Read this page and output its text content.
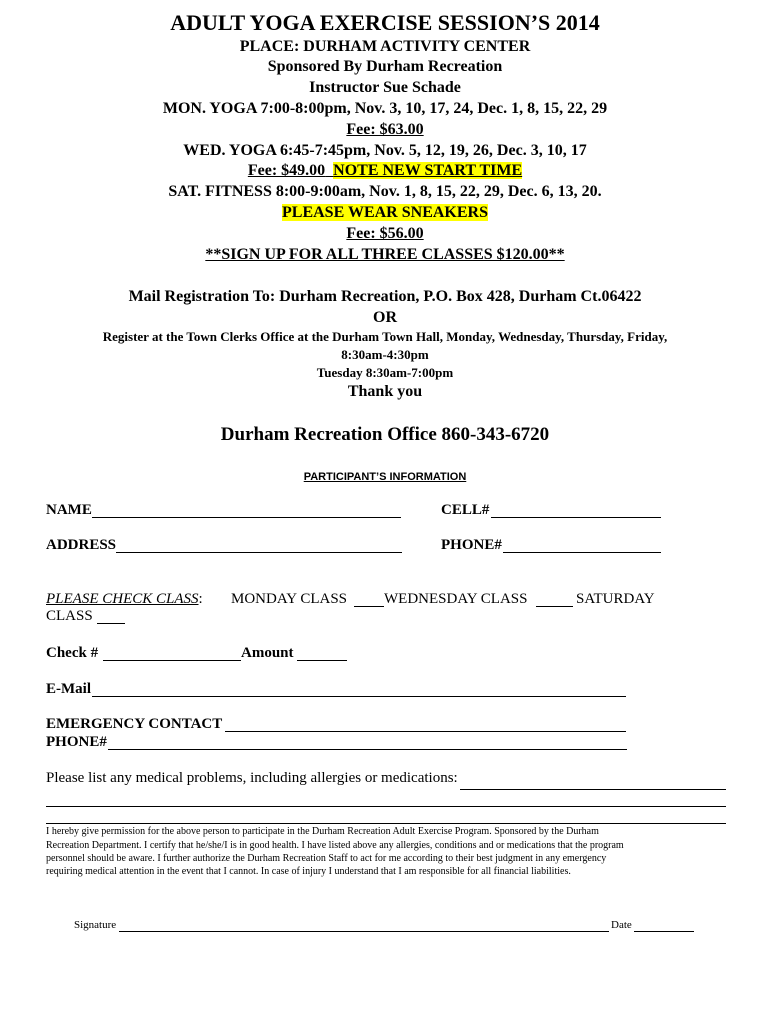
ADULT YOGA EXERCISE SESSION’S 2014
PLACE: DURHAM ACTIVITY CENTER
Sponsored By Durham Recreation
Instructor Sue Schade
MON. YOGA 7:00-8:00pm, Nov. 3, 10, 17, 24, Dec. 1, 8, 15, 22, 29
Fee: $63.00
WED. YOGA 6:45-7:45pm, Nov. 5, 12, 19, 26, Dec. 3, 10, 17
Fee: $49.00 NOTE NEW START TIME
SAT. FITNESS 8:00-9:00am, Nov. 1, 8, 15, 22, 29, Dec. 6, 13, 20.
PLEASE WEAR SNEAKERS
Fee: $56.00
**SIGN UP FOR ALL THREE CLASSES $120.00**
Mail Registration To: Durham Recreation, P.O. Box 428, Durham Ct.06422
OR
Register at the Town Clerks Office at the Durham Town Hall, Monday, Wednesday, Thursday, Friday,
8:30am-4:30pm
Tuesday 8:30am-7:00pm
Thank you
Durham Recreation Office 860-343-6720
PARTICIPANT’S INFORMATION
NAME	CELL#
ADDRESS	PHONE#
PLEASE CHECK CLASS: MONDAY CLASS WEDNESDAY CLASS	SATURDAY
CLASS
Check #	Amount
E-Mail
EMERGENCY CONTACT
PHONE#
Please list any medical problems, including allergies or medications:
I hereby give permission for the above person to participate in the Durham Recreation Adult Exercise Program. Sponsored by the Durham
Recreation Department. I certify that he/she/I is in good health. I have listed above any allergies, conditions and or medications that the program
personnel should be aware. I further authorize the Durham Recreation Staff to act for me according to their best judgment in any emergency
requiring medical attention in the event that I cannot. In case of injury I understand that I am responsible for all financial liabilities.
Signature	Date
